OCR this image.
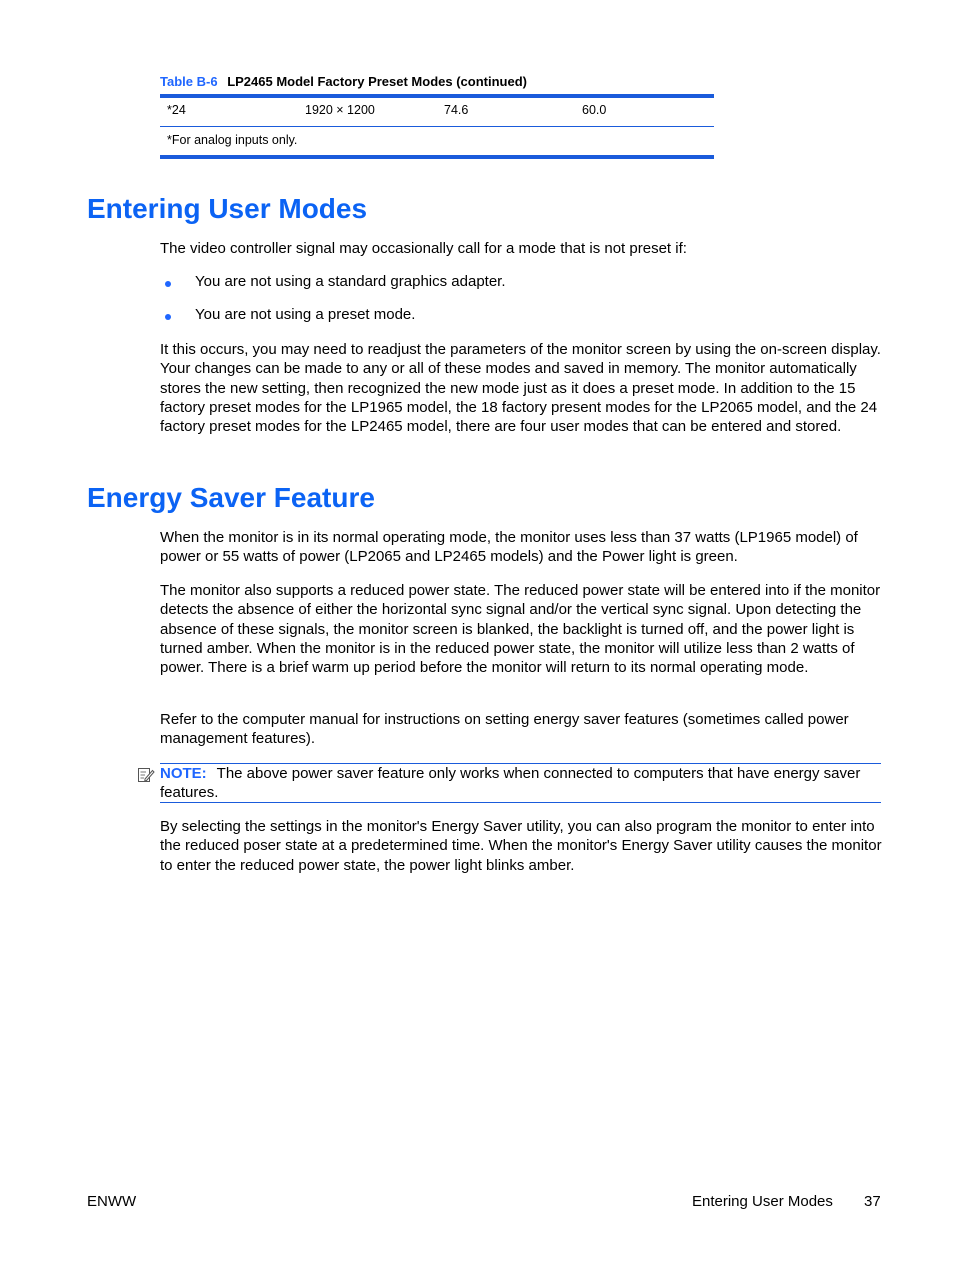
Table B-6 LP2465 Model Factory Preset Modes (continued)
*24	1920 × 1200	74.6	60.0
*For analog inputs only.
Entering User Modes

The video controller signal may occasionally call for a mode that is not preset if:

You are not using a standard graphics adapter.
You are not using a preset mode.

It this occurs, you may need to readjust the parameters of the monitor screen by using the on-screen display. Your changes can be made to any or all of these modes and saved in memory. The monitor automatically stores the new setting, then recognized the new mode just as it does a preset mode. In addition to the 15 factory preset modes for the LP1965 model, the 18 factory present modes for the LP2065 model, and the 24 factory preset modes for the LP2465 model, there are four user modes that can be entered and stored.

Energy Saver Feature

When the monitor is in its normal operating mode, the monitor uses less than 37 watts (LP1965 model) of power or 55 watts of power (LP2065 and LP2465 models) and the Power light is green.

The monitor also supports a reduced power state. The reduced power state will be entered into if the monitor detects the absence of either the horizontal sync signal and/or the vertical sync signal. Upon detecting the absence of these signals, the monitor screen is blanked, the backlight is turned off, and the power light is turned amber. When the monitor is in the reduced power state, the monitor will utilize less than 2 watts of power. There is a brief warm up period before the monitor will return to its normal operating mode.

Refer to the computer manual for instructions on setting energy saver features (sometimes called power management features).

NOTE: The above power saver feature only works when connected to computers that have energy saver features.

By selecting the settings in the monitor's Energy Saver utility, you can also program the monitor to enter into the reduced poser state at a predetermined time. When the monitor's Energy Saver utility causes the monitor to enter the reduced power state, the power light blinks amber.

ENWW	Entering User Modes 37
